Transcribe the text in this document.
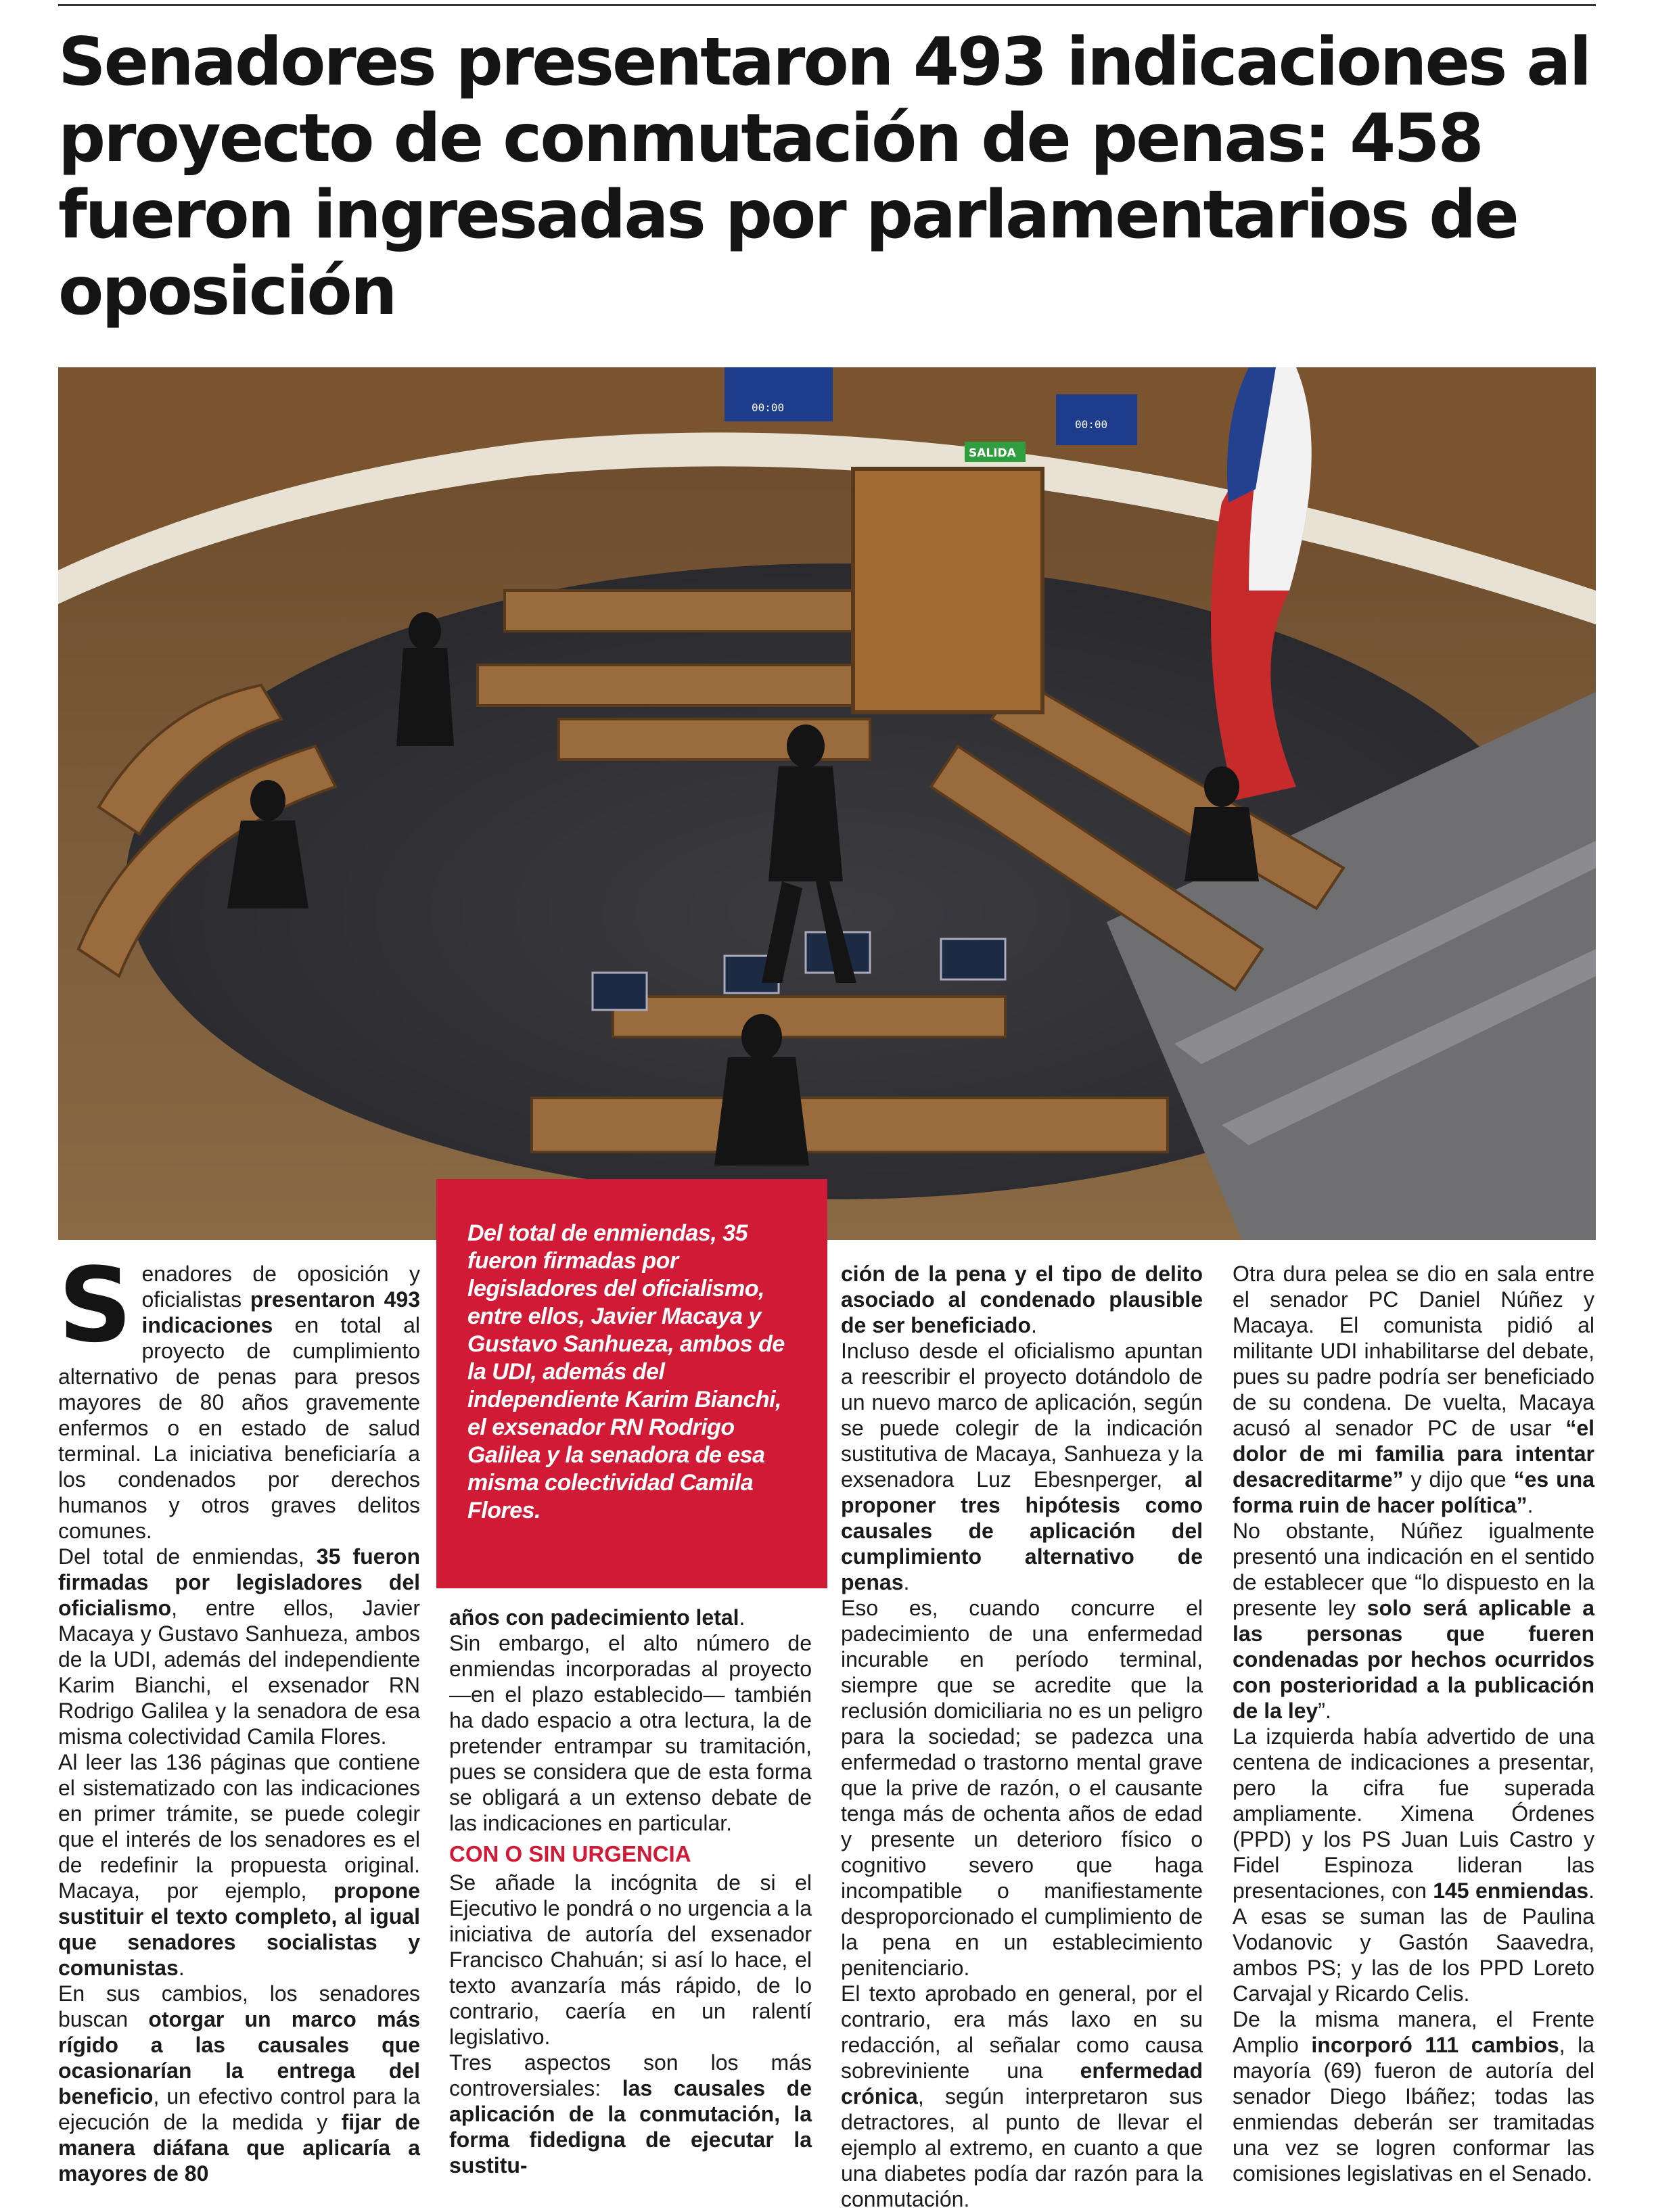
Senadores presentaron 493 indicaciones al proyecto de conmutación de penas: 458 fueron ingresadas por parlamentarios de oposición
00:00
00:00
SALIDA
Del total de enmiendas, 35 fueron firmadas por legisladores del oficialismo, entre ellos, Javier Macaya y Gustavo Sanhueza, ambos de la UDI, además del independiente Karim Bianchi, el exsenador RN Rodrigo Galilea y la senadora de esa misma colectividad Camila Flores.

Senadores de oposición y oficialistas presentaron 493 indicaciones en total al proyecto de cumplimiento alternativo de penas para presos mayores de 80 años gravemente enfermos o en estado de salud terminal. La iniciativa beneficiaría a los condenados por derechos humanos y otros graves delitos comunes.

Del total de enmiendas, 35 fueron firmadas por legisladores del oficialismo, entre ellos, Javier Macaya y Gustavo Sanhueza, ambos de la UDI, además del independiente Karim Bianchi, el exsenador RN Rodrigo Galilea y la senadora de esa misma colectividad Camila Flores.

Al leer las 136 páginas que contiene el sistematizado con las indicaciones en primer trámite, se puede colegir que el interés de los senadores es el de redefinir la propuesta original. Macaya, por ejemplo, propone sustituir el texto completo, al igual que senadores socialistas y comunistas.

En sus cambios, los senadores buscan otorgar un marco más rígido a las causales que ocasionarían la entrega del beneficio, un efectivo control para la ejecución de la medida y fijar de manera diáfana que aplicaría a mayores de 80

años con padecimiento letal.

Sin embargo, el alto número de enmiendas incorporadas al proyecto —en el plazo establecido— también ha dado espacio a otra lectura, la de pretender entrampar su tramitación, pues se considera que de esta forma se obligará a un extenso debate de las indicaciones en particular.

CON O SIN URGENCIA

Se añade la incógnita de si el Ejecutivo le pondrá o no urgencia a la iniciativa de autoría del exsenador Francisco Chahuán; si así lo hace, el texto avanzaría más rápido, de lo contrario, caería en un ralentí legislativo.

Tres aspectos son los más controversiales: las causales de aplicación de la conmutación, la forma fidedigna de ejecutar la sustitu-

ción de la pena y el tipo de delito asociado al condenado plausible de ser beneficiado.

Incluso desde el oficialismo apuntan a reescribir el proyecto dotándolo de un nuevo marco de aplicación, según se puede colegir de la indicación sustitutiva de Macaya, Sanhueza y la exsenadora Luz Ebesnperger, al proponer tres hipótesis como causales de aplicación del cumplimiento alternativo de penas.

Eso es, cuando concurre el padecimiento de una enfermedad incurable en período terminal, siempre que se acredite que la reclusión domiciliaria no es un peligro para la sociedad; se padezca una enfermedad o trastorno mental grave que la prive de razón, o el causante tenga más de ochenta años de edad y presente un deterioro físico o cognitivo severo que haga incompatible o manifiestamente desproporcionado el cumplimiento de la pena en un establecimiento penitenciario.

El texto aprobado en general, por el contrario, era más laxo en su redacción, al señalar como causa sobreviniente una enfermedad crónica, según interpretaron sus detractores, al punto de llevar el ejemplo al extremo, en cuanto a que una diabetes podía dar razón para la conmutación.

Otra dura pelea se dio en sala entre el senador PC Daniel Núñez y Macaya. El comunista pidió al militante UDI inhabilitarse del debate, pues su padre podría ser beneficiado de su condena. De vuelta, Macaya acusó al senador PC de usar “el dolor de mi familia para intentar desacreditarme” y dijo que “es una forma ruin de hacer política”.

No obstante, Núñez igualmente presentó una indicación en el sentido de establecer que “lo dispuesto en la presente ley solo será aplicable a las personas que fueren condenadas por hechos ocurridos con posterioridad a la publicación de la ley”.

La izquierda había advertido de una centena de indicaciones a presentar, pero la cifra fue superada ampliamente. Ximena Órdenes (PPD) y los PS Juan Luis Castro y Fidel Espinoza lideran las presentaciones, con 145 enmiendas. A esas se suman las de Paulina Vodanovic y Gastón Saavedra, ambos PS; y las de los PPD Loreto Carvajal y Ricardo Celis.

De la misma manera, el Frente Amplio incorporó 111 cambios, la mayoría (69) fueron de autoría del senador Diego Ibáñez; todas las enmiendas deberán ser tramitadas una vez se logren conformar las comisiones legislativas en el Senado.
